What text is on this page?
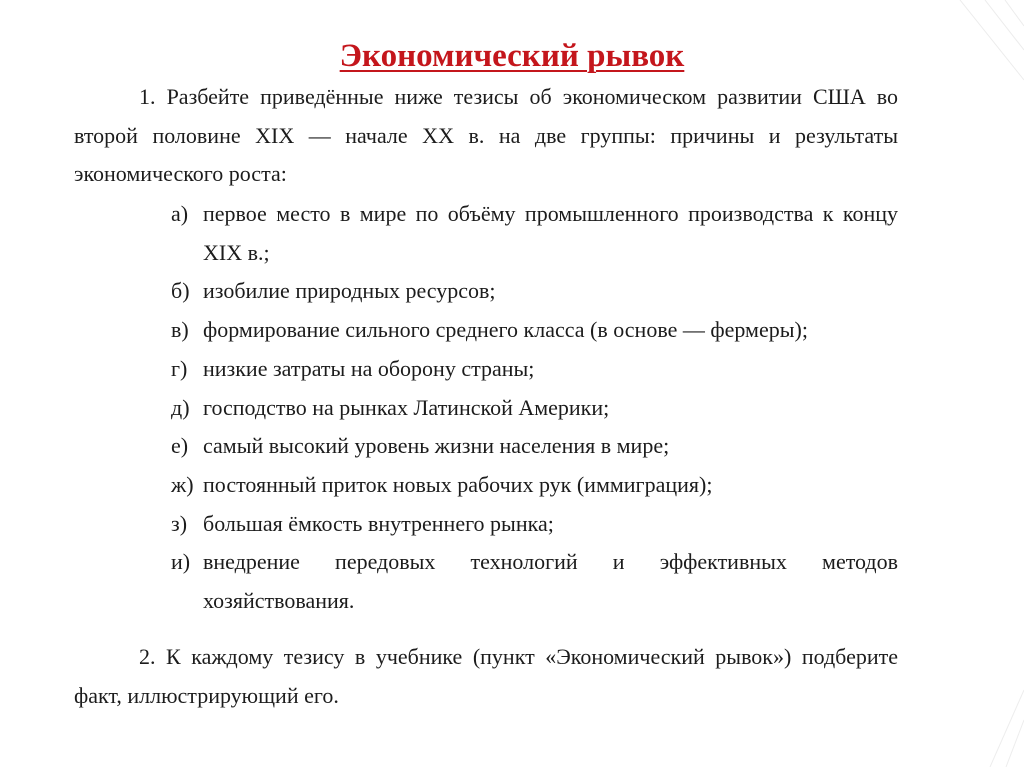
Экономический рывок
1. Разбейте приведённые ниже тезисы об экономическом развитии США во второй половине XIX — начале XX в. на две группы: причины и результаты экономического роста:
а) первое место в мире по объёму промышленного производства к концу XIX в.;
б) изобилие природных ресурсов;
в) формирование сильного среднего класса (в основе — фермеры);
г) низкие затраты на оборону страны;
д) господство на рынках Латинской Америки;
е) самый высокий уровень жизни населения в мире;
ж) постоянный приток новых рабочих рук (иммиграция);
з) большая ёмкость внутреннего рынка;
и) внедрение передовых технологий и эффективных методов хозяйствования.
2. К каждому тезису в учебнике (пункт «Экономический рывок») подберите факт, иллюстрирующий его.
